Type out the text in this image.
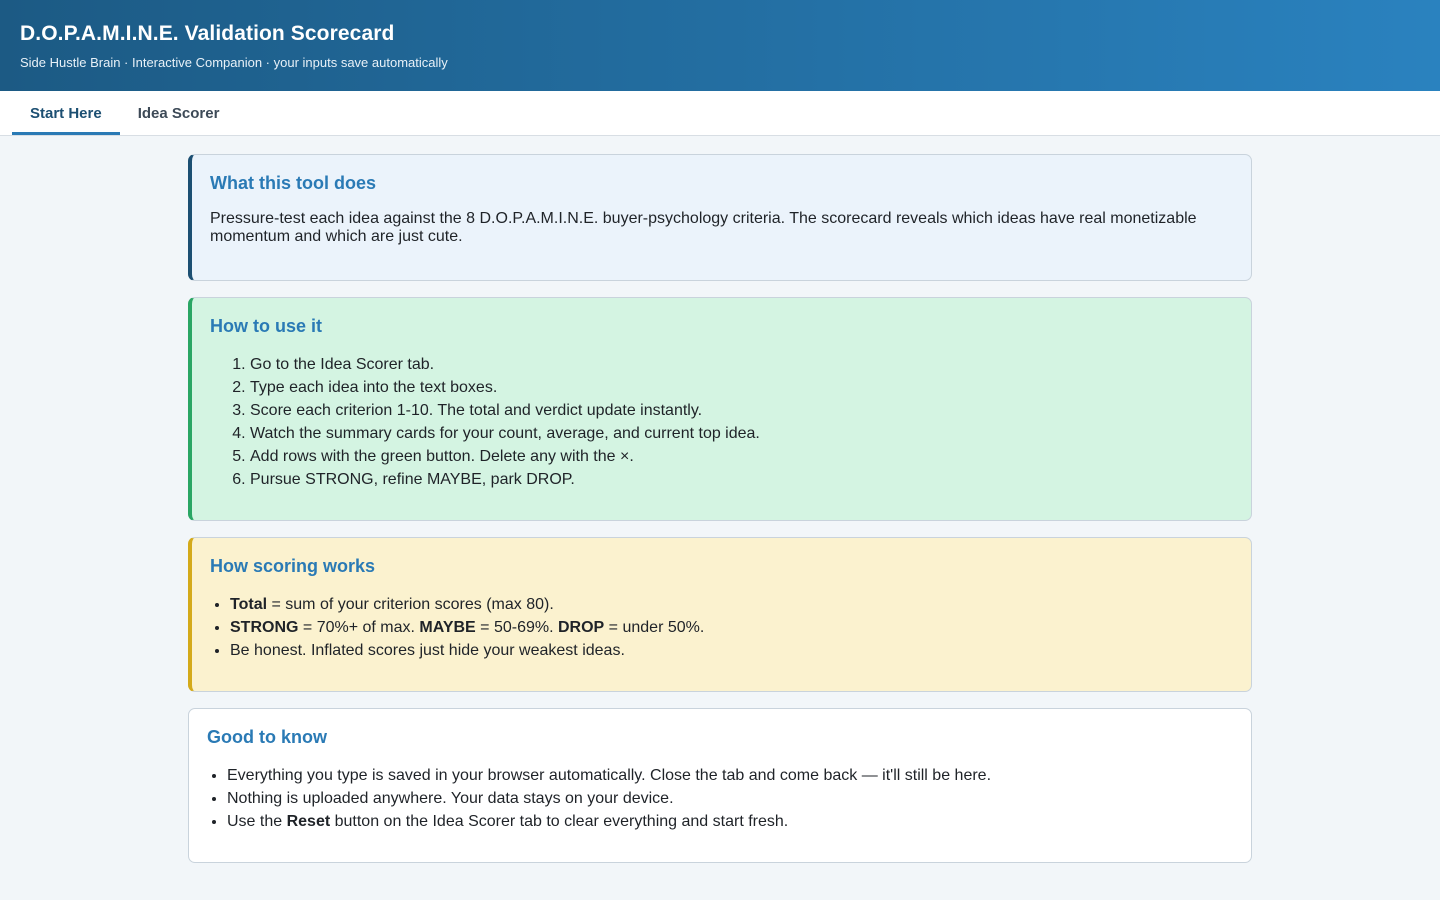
D.O.P.A.M.I.N.E. Validation Scorecard
Side Hustle Brain · Interactive Companion · your inputs save automatically
Start Here	Idea Scorer
What this tool does

Pressure-test each idea against the 8 D.O.P.A.M.I.N.E. buyer-psychology criteria. The scorecard reveals which ideas have real monetizable momentum and which are just cute.

How to use it
1. Go to the Idea Scorer tab.
2. Type each idea into the text boxes.
3. Score each criterion 1-10. The total and verdict update instantly.
4. Watch the summary cards for your count, average, and current top idea.
5. Add rows with the green button. Delete any with the ×.
6. Pursue STRONG, refine MAYBE, park DROP.
How scoring works
• Total = sum of your criterion scores (max 80).
• STRONG = 70%+ of max. MAYBE = 50-69%. DROP = under 50%.
• Be honest. Inflated scores just hide your weakest ideas.
Good to know
• Everything you type is saved in your browser automatically. Close the tab and come back — it'll still be here.
• Nothing is uploaded anywhere. Your data stays on your device.
• Use the Reset button on the Idea Scorer tab to clear everything and start fresh.
